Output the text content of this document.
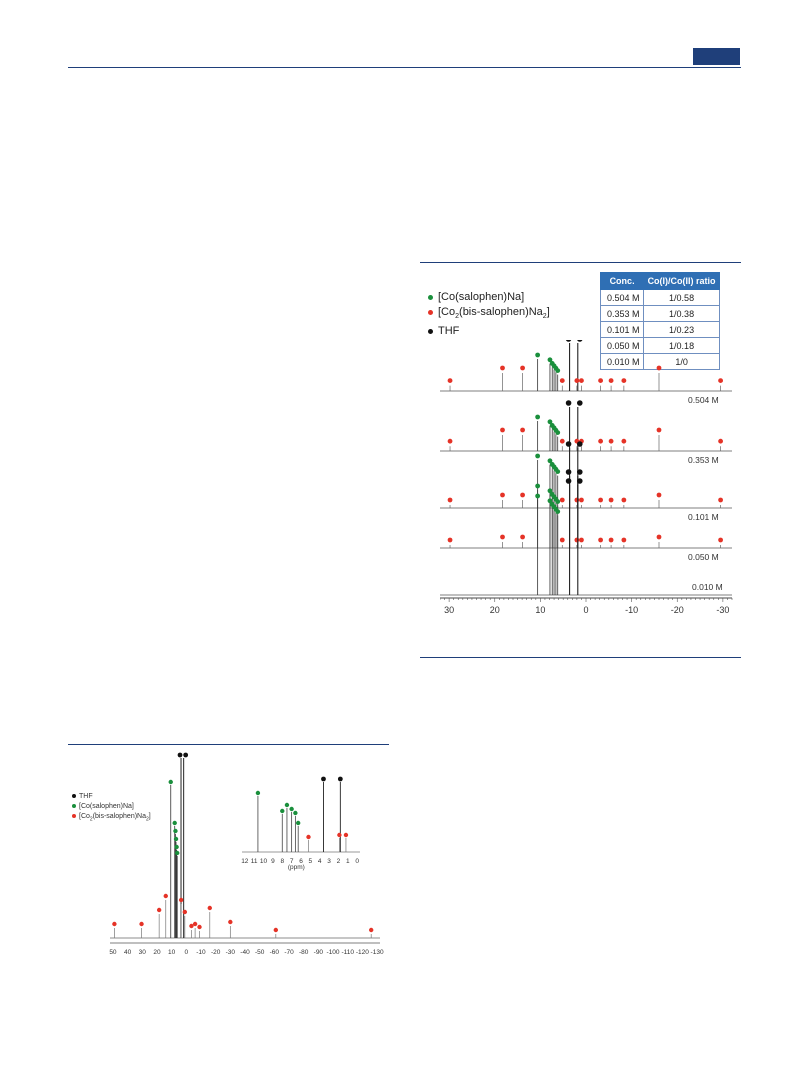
[Co(salophen)Na]
$[Co_2(bis-salophen)Na_2]$
THF
Conc.	Co(I)/Co(II) ratio
0.504 M	1/0.58
0.353 M	1/0.38
0.101 M	1/0.23
0.050 M	1/0.18
0.010 M	1/0
0.504 M
0.353 M
0.101 M
0.050 M
0.010 M
30	20	10	0	-10	-20	-30
THF
[Co(salophen)Na]
$[Co_2(bis-salophen)Na_2]$
50 40 30 20 10 0 -10 -20 -30 -40 -50 -60 -70 -80 -90 -100 -110 -120 -130
12 11 10 9 8 7 6 5 4 3 2 1 0
(ppm)
